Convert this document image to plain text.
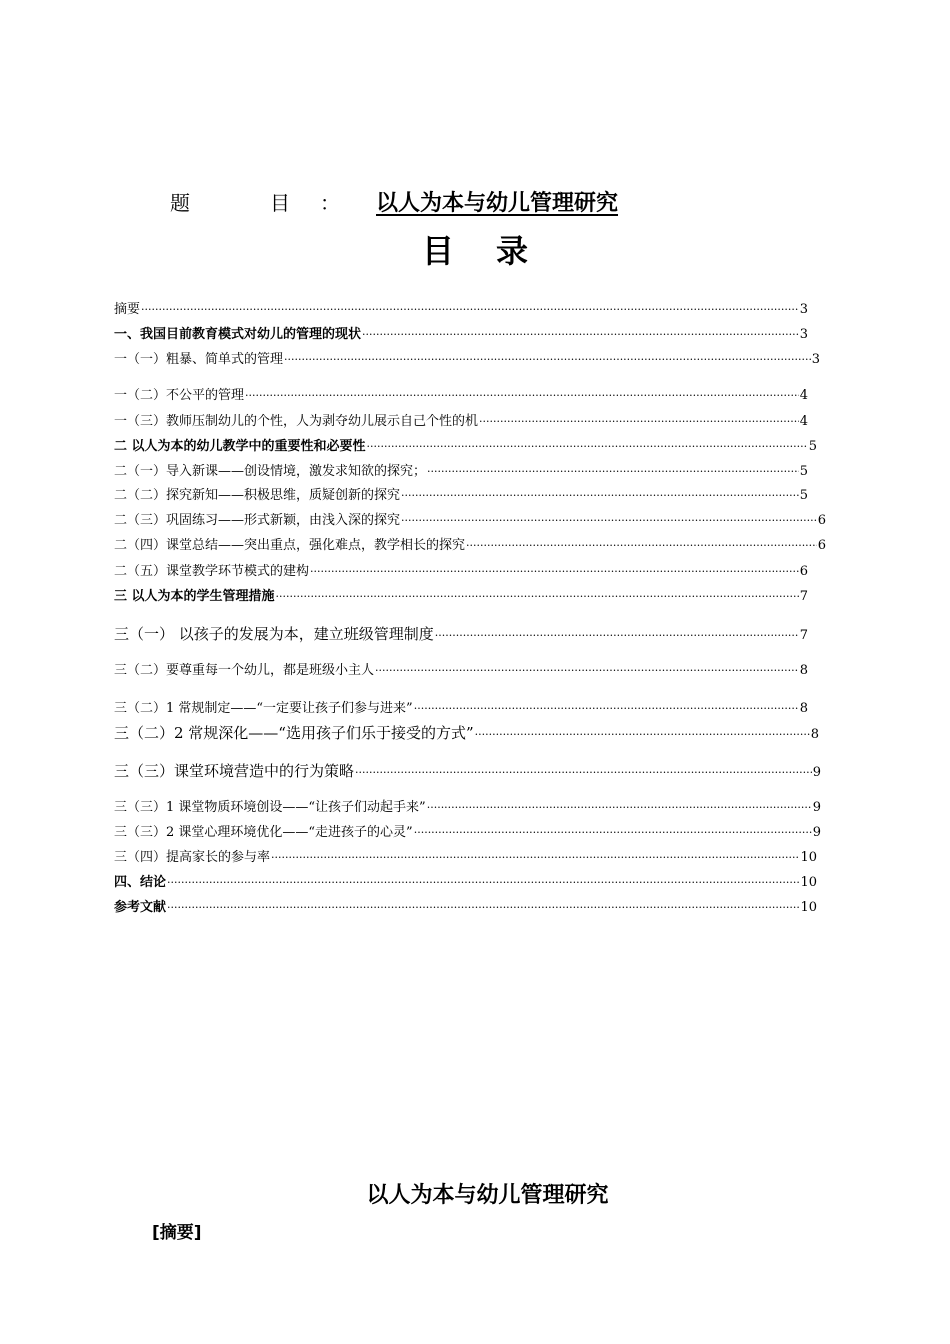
题　目： 以人为本与幼儿管理研究
目录
摘要 ·····	3
一、我国目前教育模式对幼儿的管理的现状 ·····	3
一（一）粗暴、简单式的管理 ·····	3
一（二）不公平的管理 ·····	4
一（三）教师压制幼儿的个性，人为剥夺幼儿展示自己个性的机 ·····	4
二 以人为本的幼儿教学中的重要性和必要性 ·····	5
二（一）导入新课——创设情境，激发求知欲的探究； ·····	5
二（二）探究新知——积极思维，质疑创新的探究 ·····	5
二（三）巩固练习——形式新颖，由浅入深的探究 ·····	6
二（四）课堂总结——突出重点，强化难点，教学相长的探究 ·····	6
二（五）课堂教学环节模式的建构 ·····	6
三 以人为本的学生管理措施 ·····	7
三（一） 以孩子的发展为本，建立班级管理制度 ·····	7
三（二）要尊重每一个幼儿，都是班级小主人 ·····	8
三（二）1 常规制定——“一定要让孩子们参与进来” ·····	8
三（二）2 常规深化——“选用孩子们乐于接受的方式” ·····	8
三（三）课堂环境营造中的行为策略 ·····	9
三（三）1 课堂物质环境创设——“让孩子们动起手来” ·····	9
三（三）2 课堂心理环境优化——“走进孩子的心灵” ·····	9
三（四）提高家长的参与率 ·····	10
四、结论 ·····	10
参考文献 ·····	10
以人为本与幼儿管理研究
[摘要]
